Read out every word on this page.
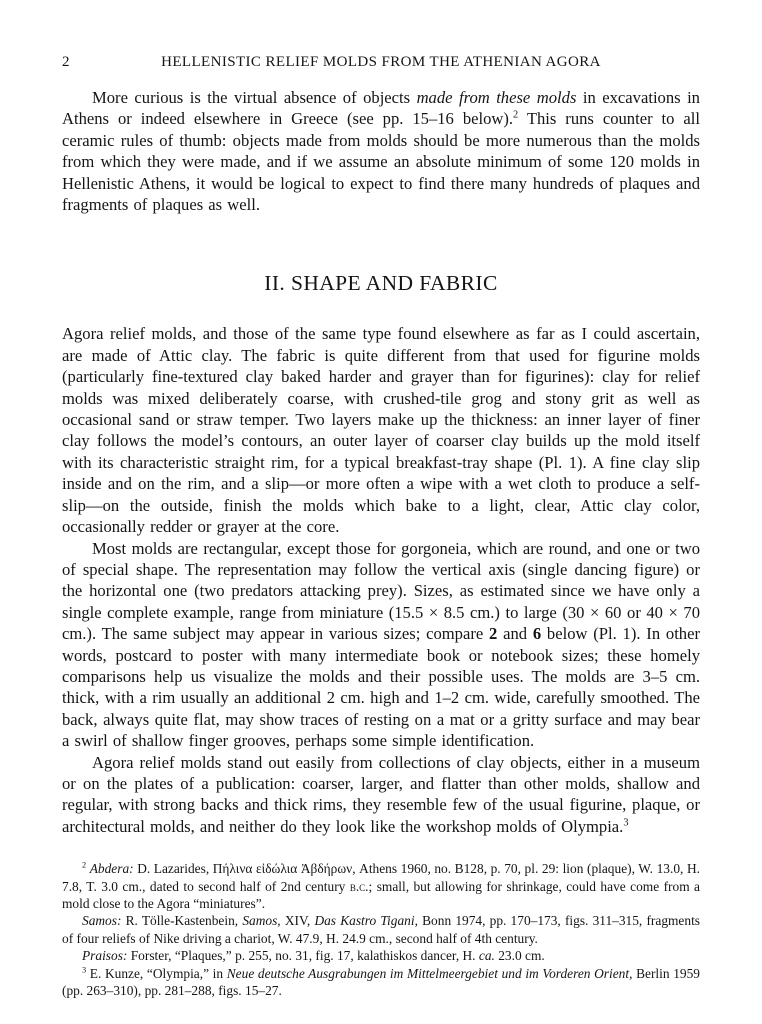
2	HELLENISTIC RELIEF MOLDS FROM THE ATHENIAN AGORA

More curious is the virtual absence of objects made from these molds in excavations in Athens or indeed elsewhere in Greece (see pp. 15–16 below).$^2$ This runs counter to all ceramic rules of thumb: objects made from molds should be more numerous than the molds from which they were made, and if we assume an absolute minimum of some 120 molds in Hellenistic Athens, it would be logical to expect to find there many hundreds of plaques and fragments of plaques as well.

II. SHAPE AND FABRIC

Agora relief molds, and those of the same type found elsewhere as far as I could ascertain, are made of Attic clay. The fabric is quite different from that used for figurine molds (particularly fine-textured clay baked harder and grayer than for figurines): clay for relief molds was mixed deliberately coarse, with crushed-tile grog and stony grit as well as occasional sand or straw temper. Two layers make up the thickness: an inner layer of finer clay follows the model’s contours, an outer layer of coarser clay builds up the mold itself with its characteristic straight rim, for a typical breakfast-tray shape (Pl. 1). A fine clay slip inside and on the rim, and a slip—or more often a wipe with a wet cloth to produce a self-slip—on the outside, finish the molds which bake to a light, clear, Attic clay color, occasionally redder or grayer at the core.

Most molds are rectangular, except those for gorgoneia, which are round, and one or two of special shape. The representation may follow the vertical axis (single dancing figure) or the horizontal one (two predators attacking prey). Sizes, as estimated since we have only a single complete example, range from miniature (15.5 × 8.5 cm.) to large (30 × 60 or 40 × 70 cm.). The same subject may appear in various sizes; compare 2 and 6 below (Pl. 1). In other words, postcard to poster with many intermediate book or notebook sizes; these homely comparisons help us visualize the molds and their possible uses. The molds are 3–5 cm. thick, with a rim usually an additional 2 cm. high and 1–2 cm. wide, carefully smoothed. The back, always quite flat, may show traces of resting on a mat or a gritty surface and may bear a swirl of shallow finger grooves, perhaps some simple identification.

Agora relief molds stand out easily from collections of clay objects, either in a museum or on the plates of a publication: coarser, larger, and flatter than other molds, shallow and regular, with strong backs and thick rims, they resemble few of the usual figurine, plaque, or architectural molds, and neither do they look like the workshop molds of Olympia.$^3$

$^2$ Abdera: D. Lazarides, Πήλινα εἰδώλια Ἀβδήρων, Athens 1960, no. B128, p. 70, pl. 29: lion (plaque), W. 13.0, H. 7.8, T. 3.0 cm., dated to second half of 2nd century b.c.; small, but allowing for shrinkage, could have come from a mold close to the Agora “miniatures”.

Samos: R. Tölle-Kastenbein, Samos, XIV, Das Kastro Tigani, Bonn 1974, pp. 170–173, figs. 311–315, fragments of four reliefs of Nike driving a chariot, W. 47.9, H. 24.9 cm., second half of 4th century.

Praisos: Forster, “Plaques,” p. 255, no. 31, fig. 17, kalathiskos dancer, H. ca. 23.0 cm.

$^3$ E. Kunze, “Olympia,” in Neue deutsche Ausgrabungen im Mittelmeergebiet und im Vorderen Orient, Berlin 1959 (pp. 263–310), pp. 281–288, figs. 15–27.
